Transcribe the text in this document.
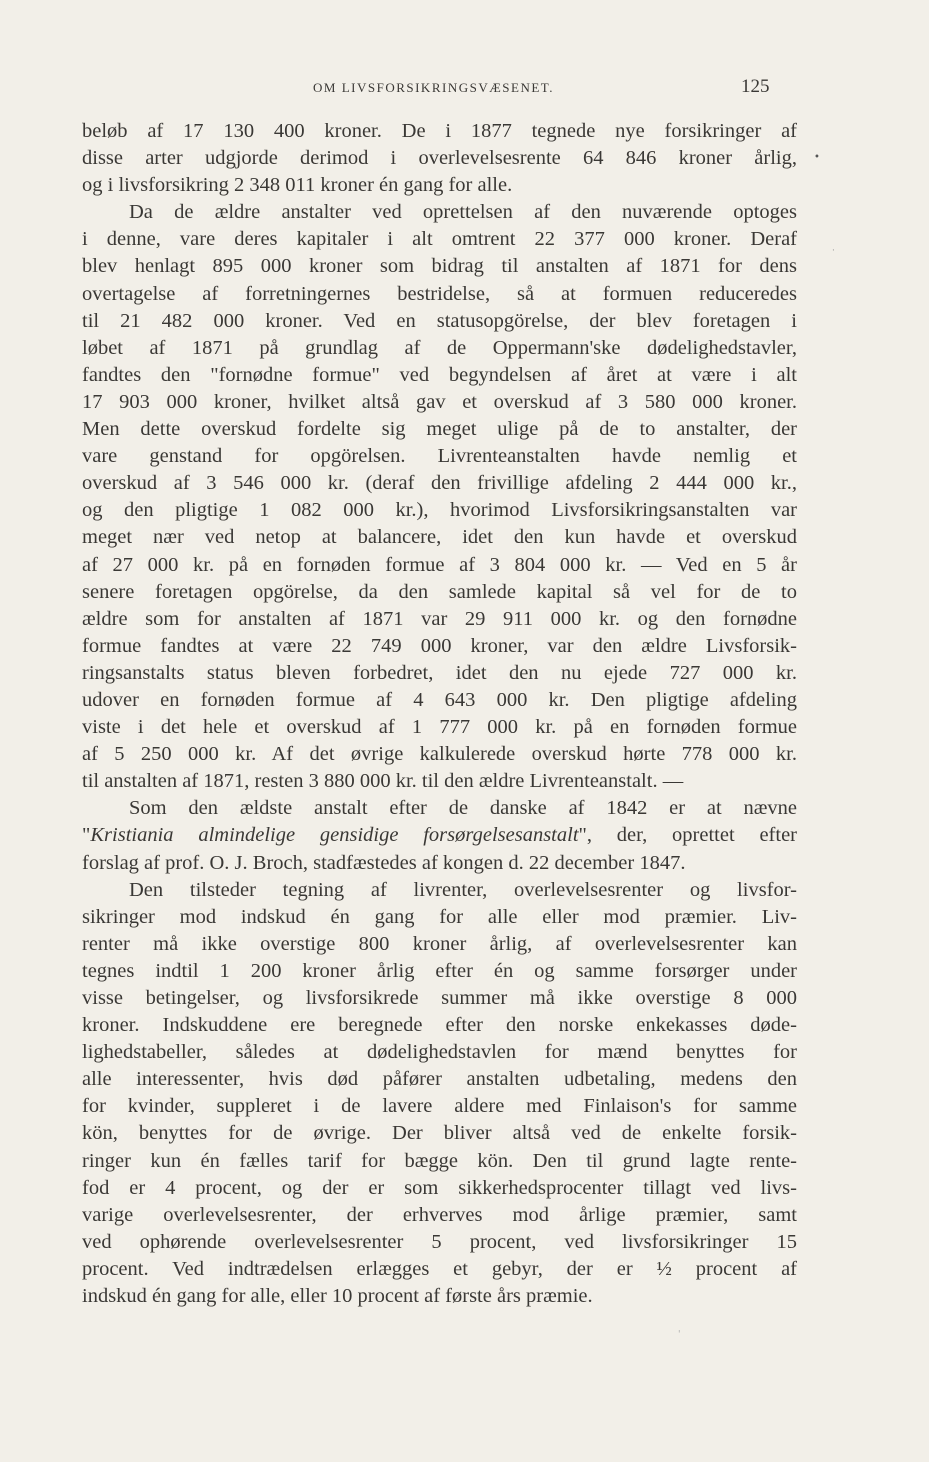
OM LIVSFORSIKRINGSVÆSENET.	125
beløb af 17 130 400 kroner. De i 1877 tegnede nye forsikringer af
disse arter udgjorde derimod i overlevelsesrente 64 846 kroner årlig,
og i livsforsikring 2 348 011 kroner én gang for alle.
Da de ældre anstalter ved oprettelsen af den nuværende optoges
i denne, vare deres kapitaler i alt omtrent 22 377 000 kroner. Deraf
blev henlagt 895 000 kroner som bidrag til anstalten af 1871 for dens
overtagelse af forretningernes bestridelse, så at formuen reduceredes
til 21 482 000 kroner. Ved en statusopgörelse, der blev foretagen i
løbet af 1871 på grundlag af de Oppermann'ske dødelighedstavler,
fandtes den "fornødne formue" ved begyndelsen af året at være i alt
17 903 000 kroner, hvilket altså gav et overskud af 3 580 000 kroner.
Men dette overskud fordelte sig meget ulige på de to anstalter, der
vare genstand for opgörelsen. Livrenteanstalten havde nemlig et
overskud af 3 546 000 kr. (deraf den frivillige afdeling 2 444 000 kr.,
og den pligtige 1 082 000 kr.), hvorimod Livsforsikringsanstalten var
meget nær ved netop at balancere, idet den kun havde et overskud
af 27 000 kr. på en fornøden formue af 3 804 000 kr. — Ved en 5 år
senere foretagen opgörelse, da den samlede kapital så vel for de to
ældre som for anstalten af 1871 var 29 911 000 kr. og den fornødne
formue fandtes at være 22 749 000 kroner, var den ældre Livsforsik-
ringsanstalts status bleven forbedret, idet den nu ejede 727 000 kr.
udover en fornøden formue af 4 643 000 kr. Den pligtige afdeling
viste i det hele et overskud af 1 777 000 kr. på en fornøden formue
af 5 250 000 kr. Af det øvrige kalkulerede overskud hørte 778 000 kr.
til anstalten af 1871, resten 3 880 000 kr. til den ældre Livrenteanstalt. —
Som den ældste anstalt efter de danske af 1842 er at nævne
"Kristiania almindelige gensidige forsørgelsesanstalt", der, oprettet efter
forslag af prof. O. J. Broch, stadfæstedes af kongen d. 22 december 1847.
Den tilsteder tegning af livrenter, overlevelsesrenter og livsfor-
sikringer mod indskud én gang for alle eller mod præmier. Liv-
renter må ikke overstige 800 kroner årlig, af overlevelsesrenter kan
tegnes indtil 1 200 kroner årlig efter én og samme forsørger under
visse betingelser, og livsforsikrede summer må ikke overstige 8 000
kroner. Indskuddene ere beregnede efter den norske enkekasses døde-
lighedstabeller, således at dødelighedstavlen for mænd benyttes for
alle interessenter, hvis død påfører anstalten udbetaling, medens den
for kvinder, suppleret i de lavere aldere med Finlaison's for samme
kön, benyttes for de øvrige. Der bliver altså ved de enkelte forsik-
ringer kun én fælles tarif for bægge kön. Den til grund lagte rente-
fod er 4 procent, og der er som sikkerhedsprocenter tillagt ved livs-
varige overlevelsesrenter, der erhverves mod årlige præmier, samt
ved ophørende overlevelsesrenter 5 procent, ved livsforsikringer 15
procent. Ved indtrædelsen erlægges et gebyr, der er ½ procent af
indskud én gang for alle, eller 10 procent af første års præmie.
•
·
'
